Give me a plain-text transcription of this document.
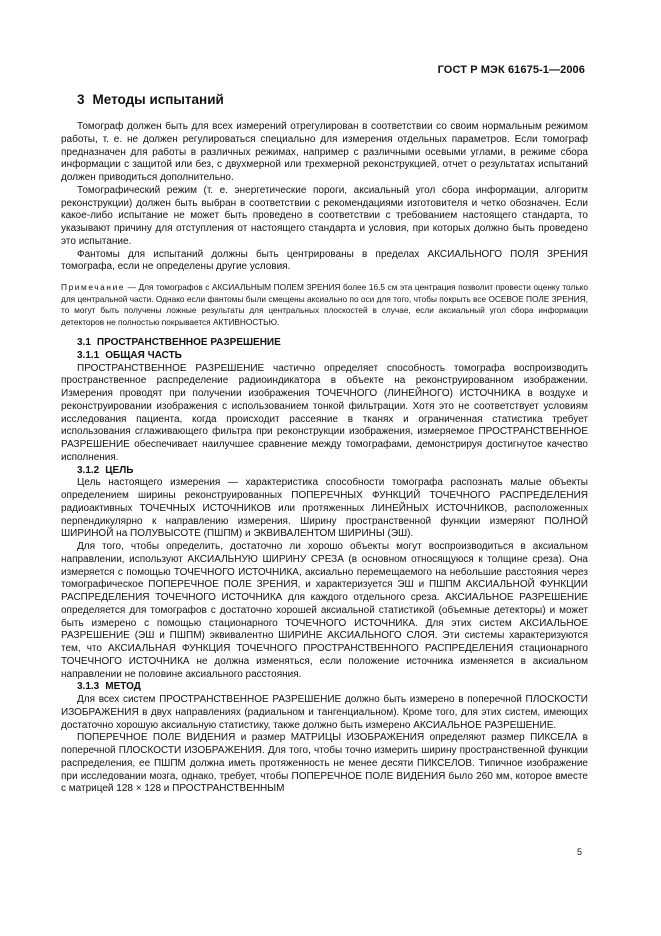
ГОСТ Р МЭК 61675-1—2006
3 Методы испытаний

Томограф должен быть для всех измерений отрегулирован в соответствии со своим нормальным режимом работы, т. е. не должен регулироваться специально для измерения отдельных параметров. Если томограф предназначен для работы в различных режимах, например с различными осевыми углами, в режиме сбора информации с защитой или без, с двухмерной или трехмерной реконструкцией, отчет о результатах испытаний должен приводиться дополнительно.

Томографический режим (т. е. энергетические пороги, аксиальный угол сбора информации, алгоритм реконструкции) должен быть выбран в соответствии с рекомендациями изготовителя и четко обозначен. Если какое-либо испытание не может быть проведено в соответствии с требованием настоящего стандарта, то указывают причину для отступления от настоящего стандарта и условия, при которых должно быть проведено это испытание.

Фантомы для испытаний должны быть центрированы в пределах АКСИАЛЬНОГО ПОЛЯ ЗРЕНИЯ томографа, если не определены другие условия.

Примечание — Для томографов с АКСИАЛЬНЫМ ПОЛЕМ ЗРЕНИЯ более 16.5 см эта центрация позволит провести оценку только для центральной части. Однако если фантомы были смещены аксиально по оси для того, чтобы покрыть все ОСЕВОЕ ПОЛЕ ЗРЕНИЯ, то могут быть получены ложные результаты для центральных плоскостей в случае, если аксиальный угол сбора информации детекторов не полностью покрывается АКТИВНОСТЬЮ.

3.1 ПРОСТРАНСТВЕННОЕ РАЗРЕШЕНИЕ
3.1.1 ОБЩАЯ ЧАСТЬ

ПРОСТРАНСТВЕННОЕ РАЗРЕШЕНИЕ частично определяет способность томографа воспроизводить пространственное распределение радиоиндикатора в объекте на реконструированном изображении. Измерения проводят при получении изображения ТОЧЕЧНОГО (ЛИНЕЙНОГО) ИСТОЧНИКА в воздухе и реконструировании изображения с использованием тонкой фильтрации. Хотя это не соответствует условиям исследования пациента, когда происходит рассеяние в тканях и ограниченная статистика требует использования сглаживающего фильтра при реконструкции изображения, измеряемое ПРОСТРАНСТВЕННОЕ РАЗРЕШЕНИЕ обеспечивает наилучшее сравнение между томографами, демонстрируя достигнутое качество исполнения.

3.1.2 ЦЕЛЬ

Цель настоящего измерения — характеристика способности томографа распознать малые объекты определением ширины реконструированных ПОПЕРЕЧНЫХ ФУНКЦИЙ ТОЧЕЧНОГО РАСПРЕДЕЛЕНИЯ радиоактивных ТОЧЕЧНЫХ ИСТОЧНИКОВ или протяженных ЛИНЕЙНЫХ ИСТОЧНИКОВ, расположенных перпендикулярно к направлению измерения. Ширину пространственной функции измеряют ПОЛНОЙ ШИРИНОЙ на ПОЛУВЫСОТЕ (ПШПМ) и ЭКВИВАЛЕНТОМ ШИРИНЫ (ЭШ).

Для того, чтобы определить, достаточно ли хорошо объекты могут воспроизводиться в аксиальном направлении, используют АКСИАЛЬНУЮ ШИРИНУ СРЕЗА (в основном относящуюся к толщине среза). Она измеряется с помощью ТОЧЕЧНОГО ИСТОЧНИКА, аксиально перемещаемого на небольшие расстояния через томографическое ПОПЕРЕЧНОЕ ПОЛЕ ЗРЕНИЯ, и характеризуется ЭШ и ПШПМ АКСИАЛЬНОЙ ФУНКЦИИ РАСПРЕДЕЛЕНИЯ ТОЧЕЧНОГО ИСТОЧНИКА для каждого отдельного среза. АКСИАЛЬНОЕ РАЗРЕШЕНИЕ определяется для томографов с достаточно хорошей аксиальной статистикой (объемные детекторы) и может быть измерено с помощью стационарного ТОЧЕЧНОГО ИСТОЧНИКА. Для этих систем АКСИАЛЬНОЕ РАЗРЕШЕНИЕ (ЭШ и ПШПМ) эквивалентно ШИРИНЕ АКСИАЛЬНОГО СЛОЯ. Эти системы характеризуются тем, что АКСИАЛЬНАЯ ФУНКЦИЯ ТОЧЕЧНОГО ПРОСТРАНСТВЕННОГО РАСПРЕДЕЛЕНИЯ стационарного ТОЧЕЧНОГО ИСТОЧНИКА не должна изменяться, если положение источника изменяется в аксиальном направлении не половине аксиального расстояния.

3.1.3 МЕТОД

Для всех систем ПРОСТРАНСТВЕННОЕ РАЗРЕШЕНИЕ должно быть измерено в поперечной ПЛОСКОСТИ ИЗОБРАЖЕНИЯ в двух направлениях (радиальном и тангенциальном). Кроме того, для этих систем, имеющих достаточно хорошую аксиальную статистику, также должно быть измерено АКСИАЛЬНОЕ РАЗРЕШЕНИЕ.

ПОПЕРЕЧНОЕ ПОЛЕ ВИДЕНИЯ и размер МАТРИЦЫ ИЗОБРАЖЕНИЯ определяют размер ПИКСЕЛА в поперечной ПЛОСКОСТИ ИЗОБРАЖЕНИЯ. Для того, чтобы точно измерить ширину пространственной функции распределения, ее ПШПМ должна иметь протяженность не менее десяти ПИКСЕЛОВ. Типичное изображение при исследовании мозга, однако, требует, чтобы ПОПЕРЕЧНОЕ ПОЛЕ ВИДЕНИЯ было 260 мм, которое вместе с матрицей 128 × 128 и ПРОСТРАНСТВЕННЫМ

5
